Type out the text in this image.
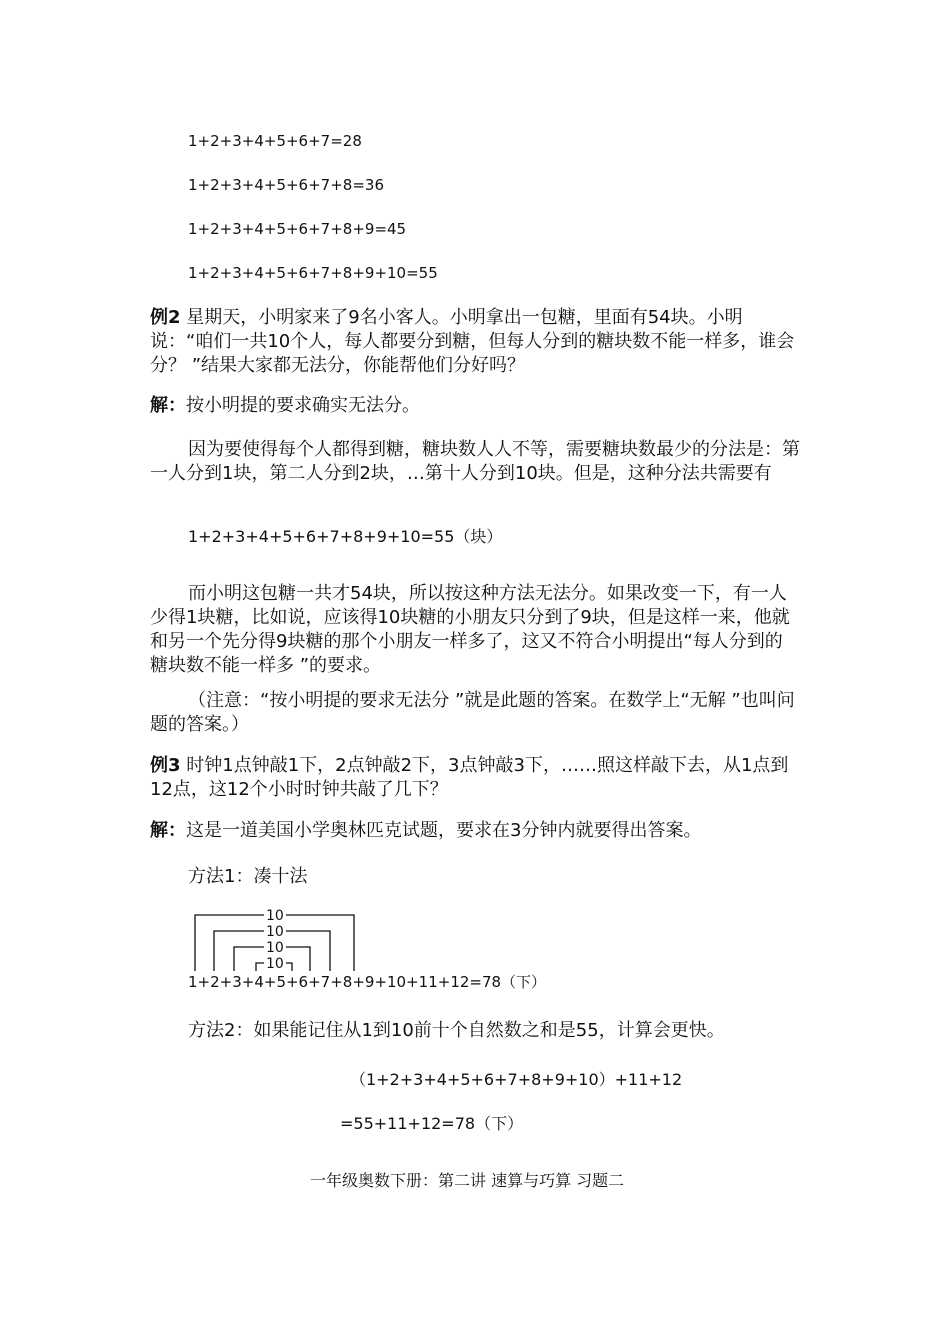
1+2+3+4+5+6+7=28
1+2+3+4+5+6+7+8=36
1+2+3+4+5+6+7+8+9=45
1+2+3+4+5+6+7+8+9+10=55
例2 星期天，小明家来了9名小客人。小明拿出一包糖，里面有54块。小明说：“咱们一共10个人，每人都要分到糖，但每人分到的糖块数不能一样多，谁会分？ ”结果大家都无法分，你能帮他们分好吗？
解：按小明提的要求确实无法分。
因为要使得每个人都得到糖，糖块数人人不等，需要糖块数最少的分法是：第一人分到1块，第二人分到2块，…第十人分到10块。但是，这种分法共需要有
1+2+3+4+5+6+7+8+9+10=55（块）
而小明这包糖一共才54块，所以按这种方法无法分。如果改变一下，有一人少得1块糖，比如说，应该得10块糖的小朋友只分到了9块，但是这样一来，他就和另一个先分得9块糖的那个小朋友一样多了，这又不符合小明提出“每人分到的糖块数不能一样多 ”的要求。
（注意：“按小明提的要求无法分 ”就是此题的答案。在数学上“无解 ”也叫问题的答案。）
例3 时钟1点钟敲1下，2点钟敲2下，3点钟敲3下，……照这样敲下去，从1点到12点，这12个小时时钟共敲了几下？
解：这是一道美国小学奥林匹克试题，要求在3分钟内就要得出答案。
方法1：凑十法
10
10
10
10
1+2+3+4+5+6+7+8+9+10+11+12=78（下）
方法2：如果能记住从1到10前十个自然数之和是55，计算会更快。
（1+2+3+4+5+6+7+8+9+10）+11+12
=55+11+12=78（下）
一年级奥数下册：第二讲 速算与巧算 习题二
